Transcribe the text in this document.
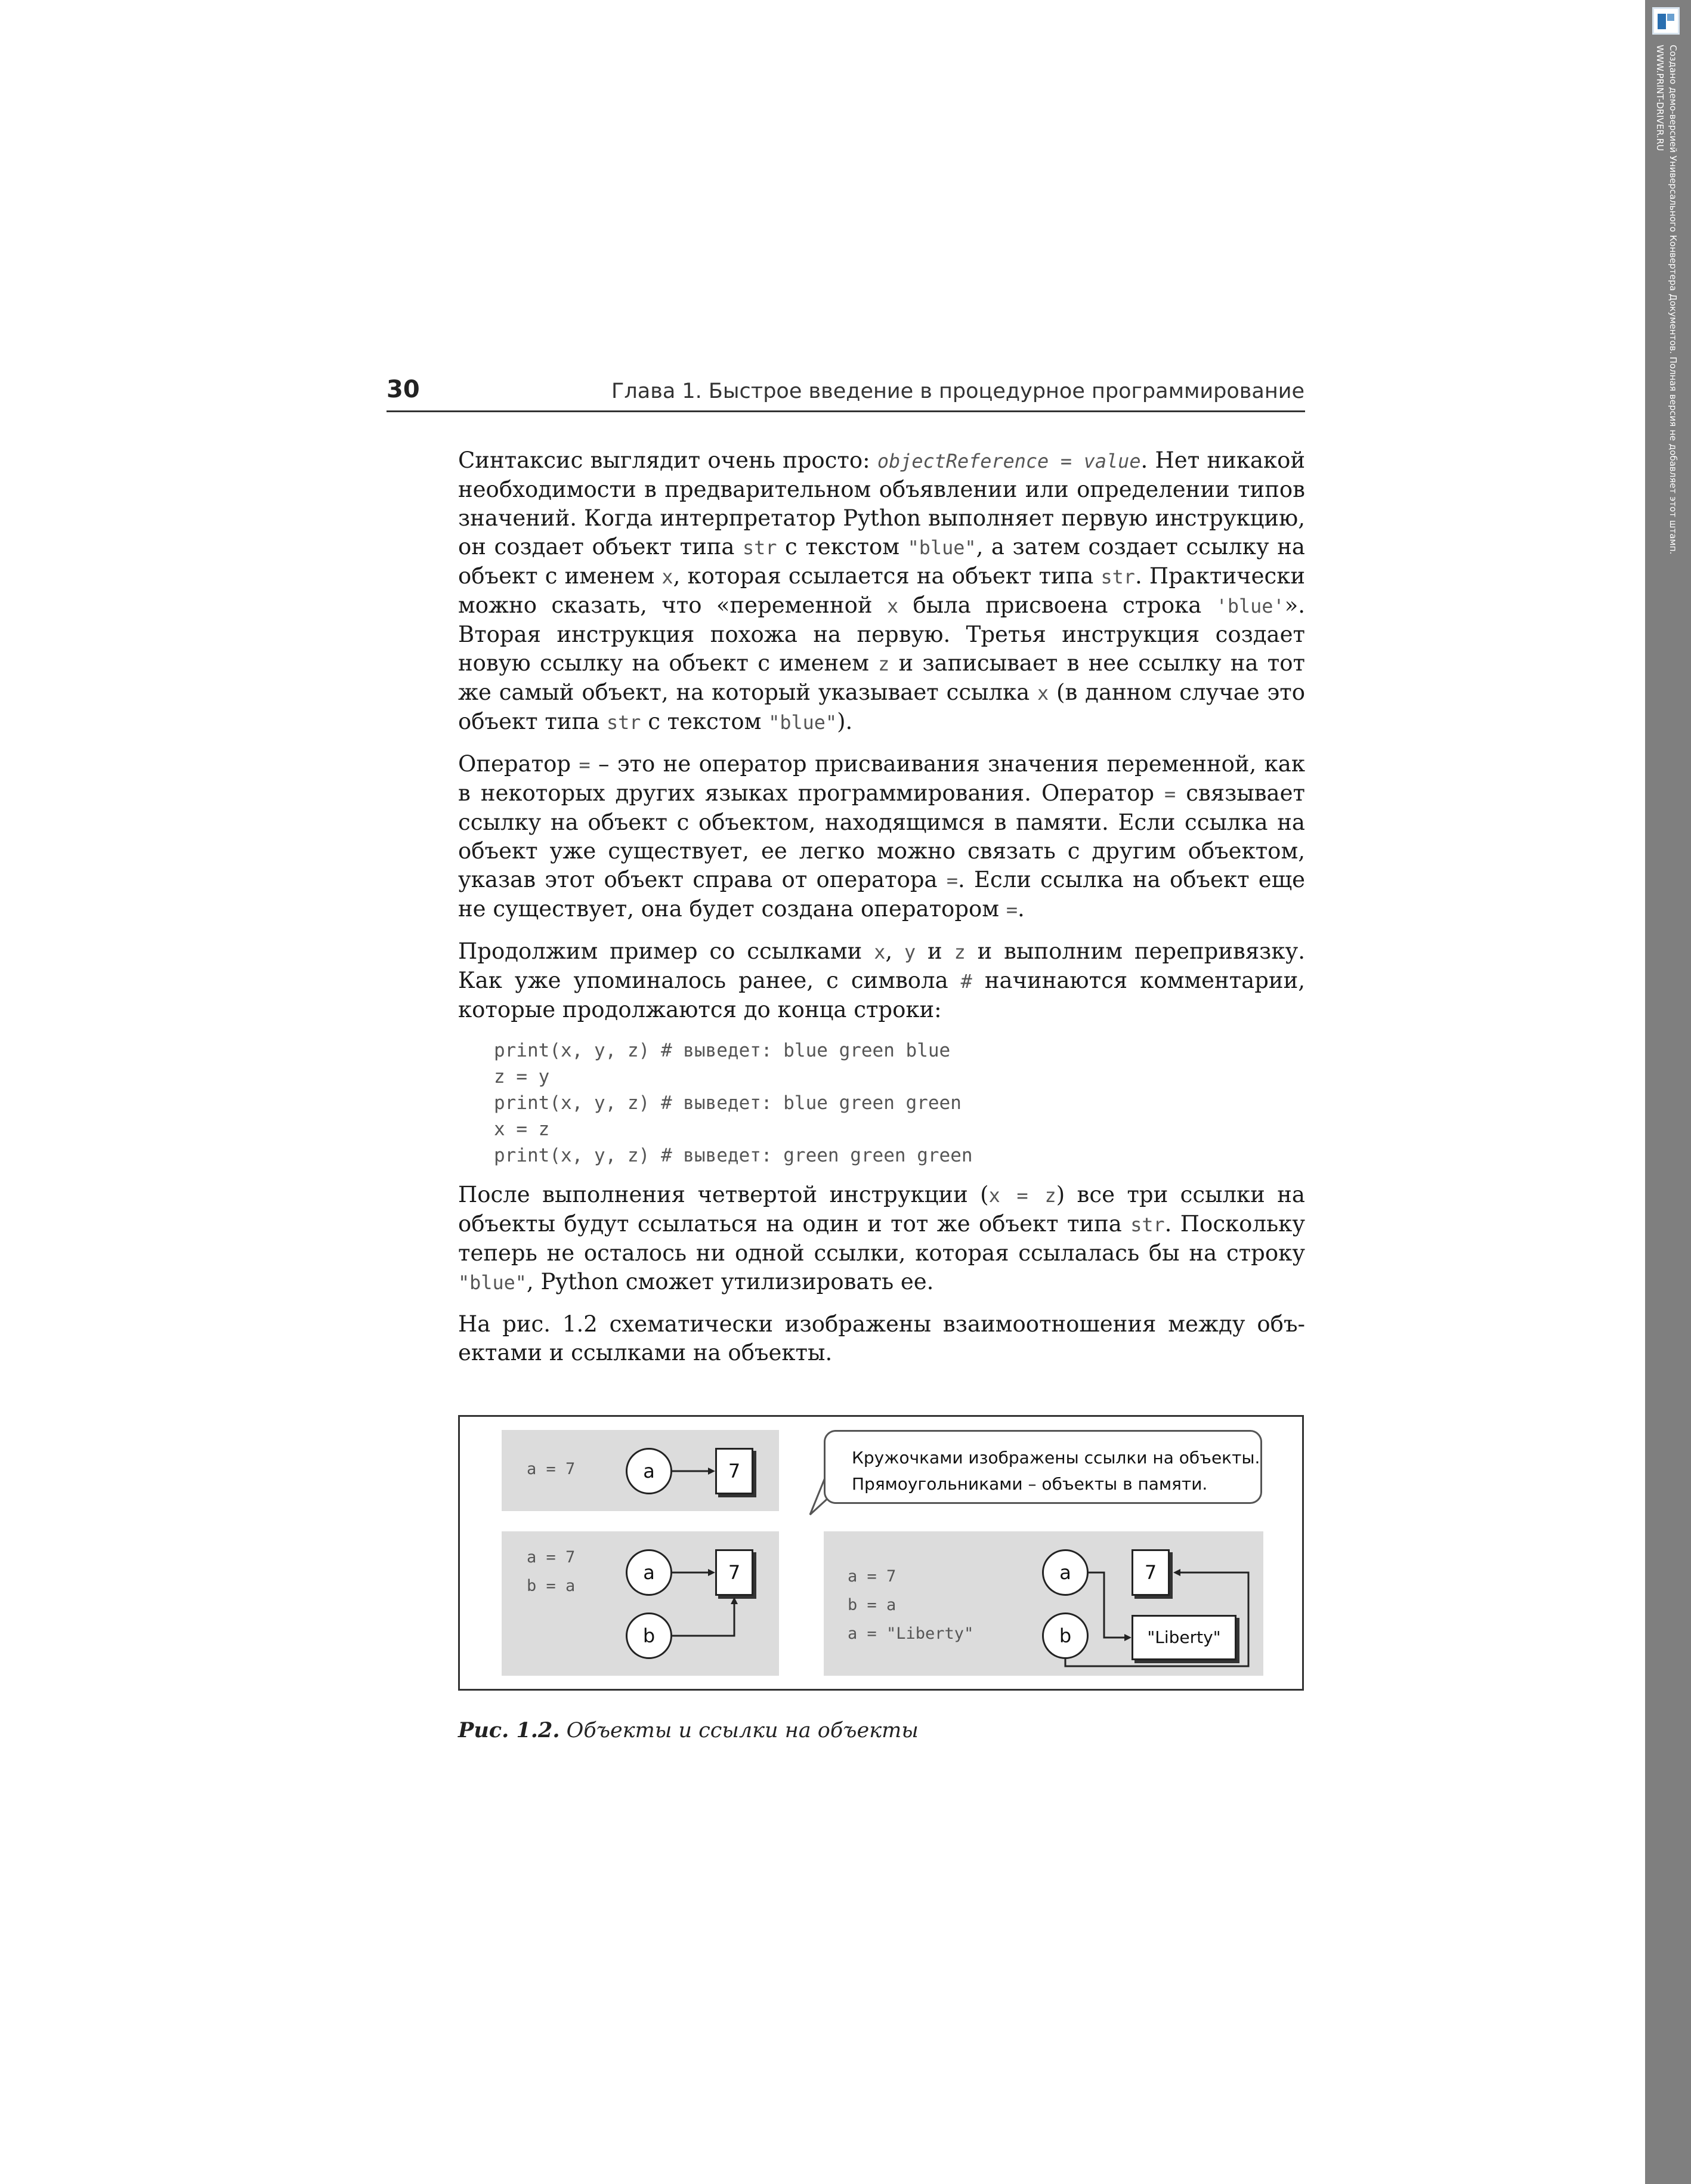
Создано демо-версией Универсального Конвертера Документов. Полная версия не добавляет этот штамп.
WWW.PRINT-DRIVER.RU
30	Глава 1. Быстрое введение в процедурное программирование

Синтаксис выглядит очень просто: objectReference = value. Нет никакой необходимости в предварительном объявлении или определении типов значений. Когда интерпретатор Python выполняет первую инструкцию, он создает объект типа str с текстом "blue", а затем создает ссылку на объект с именем x, которая ссылается на объект типа str. Практически можно сказать, что «переменной x была присвоена строка 'blue'». Вторая инструкция похожа на первую. Третья инструкция создает новую ссылку на объект с именем z и записывает в нее ссылку на тот же самый объект, на который указывает ссылка x (в данном случае это объект типа str с текстом "blue").

Оператор = – это не оператор присваивания значения переменной, как в некоторых других языках программирования. Оператор = связывает ссылку на объект с объектом, находящимся в памяти. Если ссылка на объект уже существует, ее легко можно связать с другим объектом, указав этот объект справа от оператора =. Если ссылка на объект еще не существует, она будет создана оператором =.

Продолжим пример со ссылками x, y и z и выполним перепривязку. Как уже упоминалось ранее, с символа # начинаются комментарии, которые продолжаются до конца строки:

print(x, y, z) # выведет: blue green blue
z = y
print(x, y, z) # выведет: blue green green
x = z
print(x, y, z) # выведет: green green green

После выполнения четвертой инструкции (x = z) все три ссылки на объекты будут ссылаться на один и тот же объект типа str. Поскольку теперь не осталось ни одной ссылки, которая ссылалась бы на строку "blue", Python сможет утилизировать ее.

На рис. 1.2 схематически изображены взаимоотношения между объектами и ссылками на объекты.

a = 7	a	7
Кружочками изображены ссылки на объекты.
Прямоугольниками – объекты в памяти.
a = 7
b = a
a
b
7	a = 7
b = a
a = "Liberty"
a
b
7
"Liberty"
Рис. 1.2. Объекты и ссылки на объекты
